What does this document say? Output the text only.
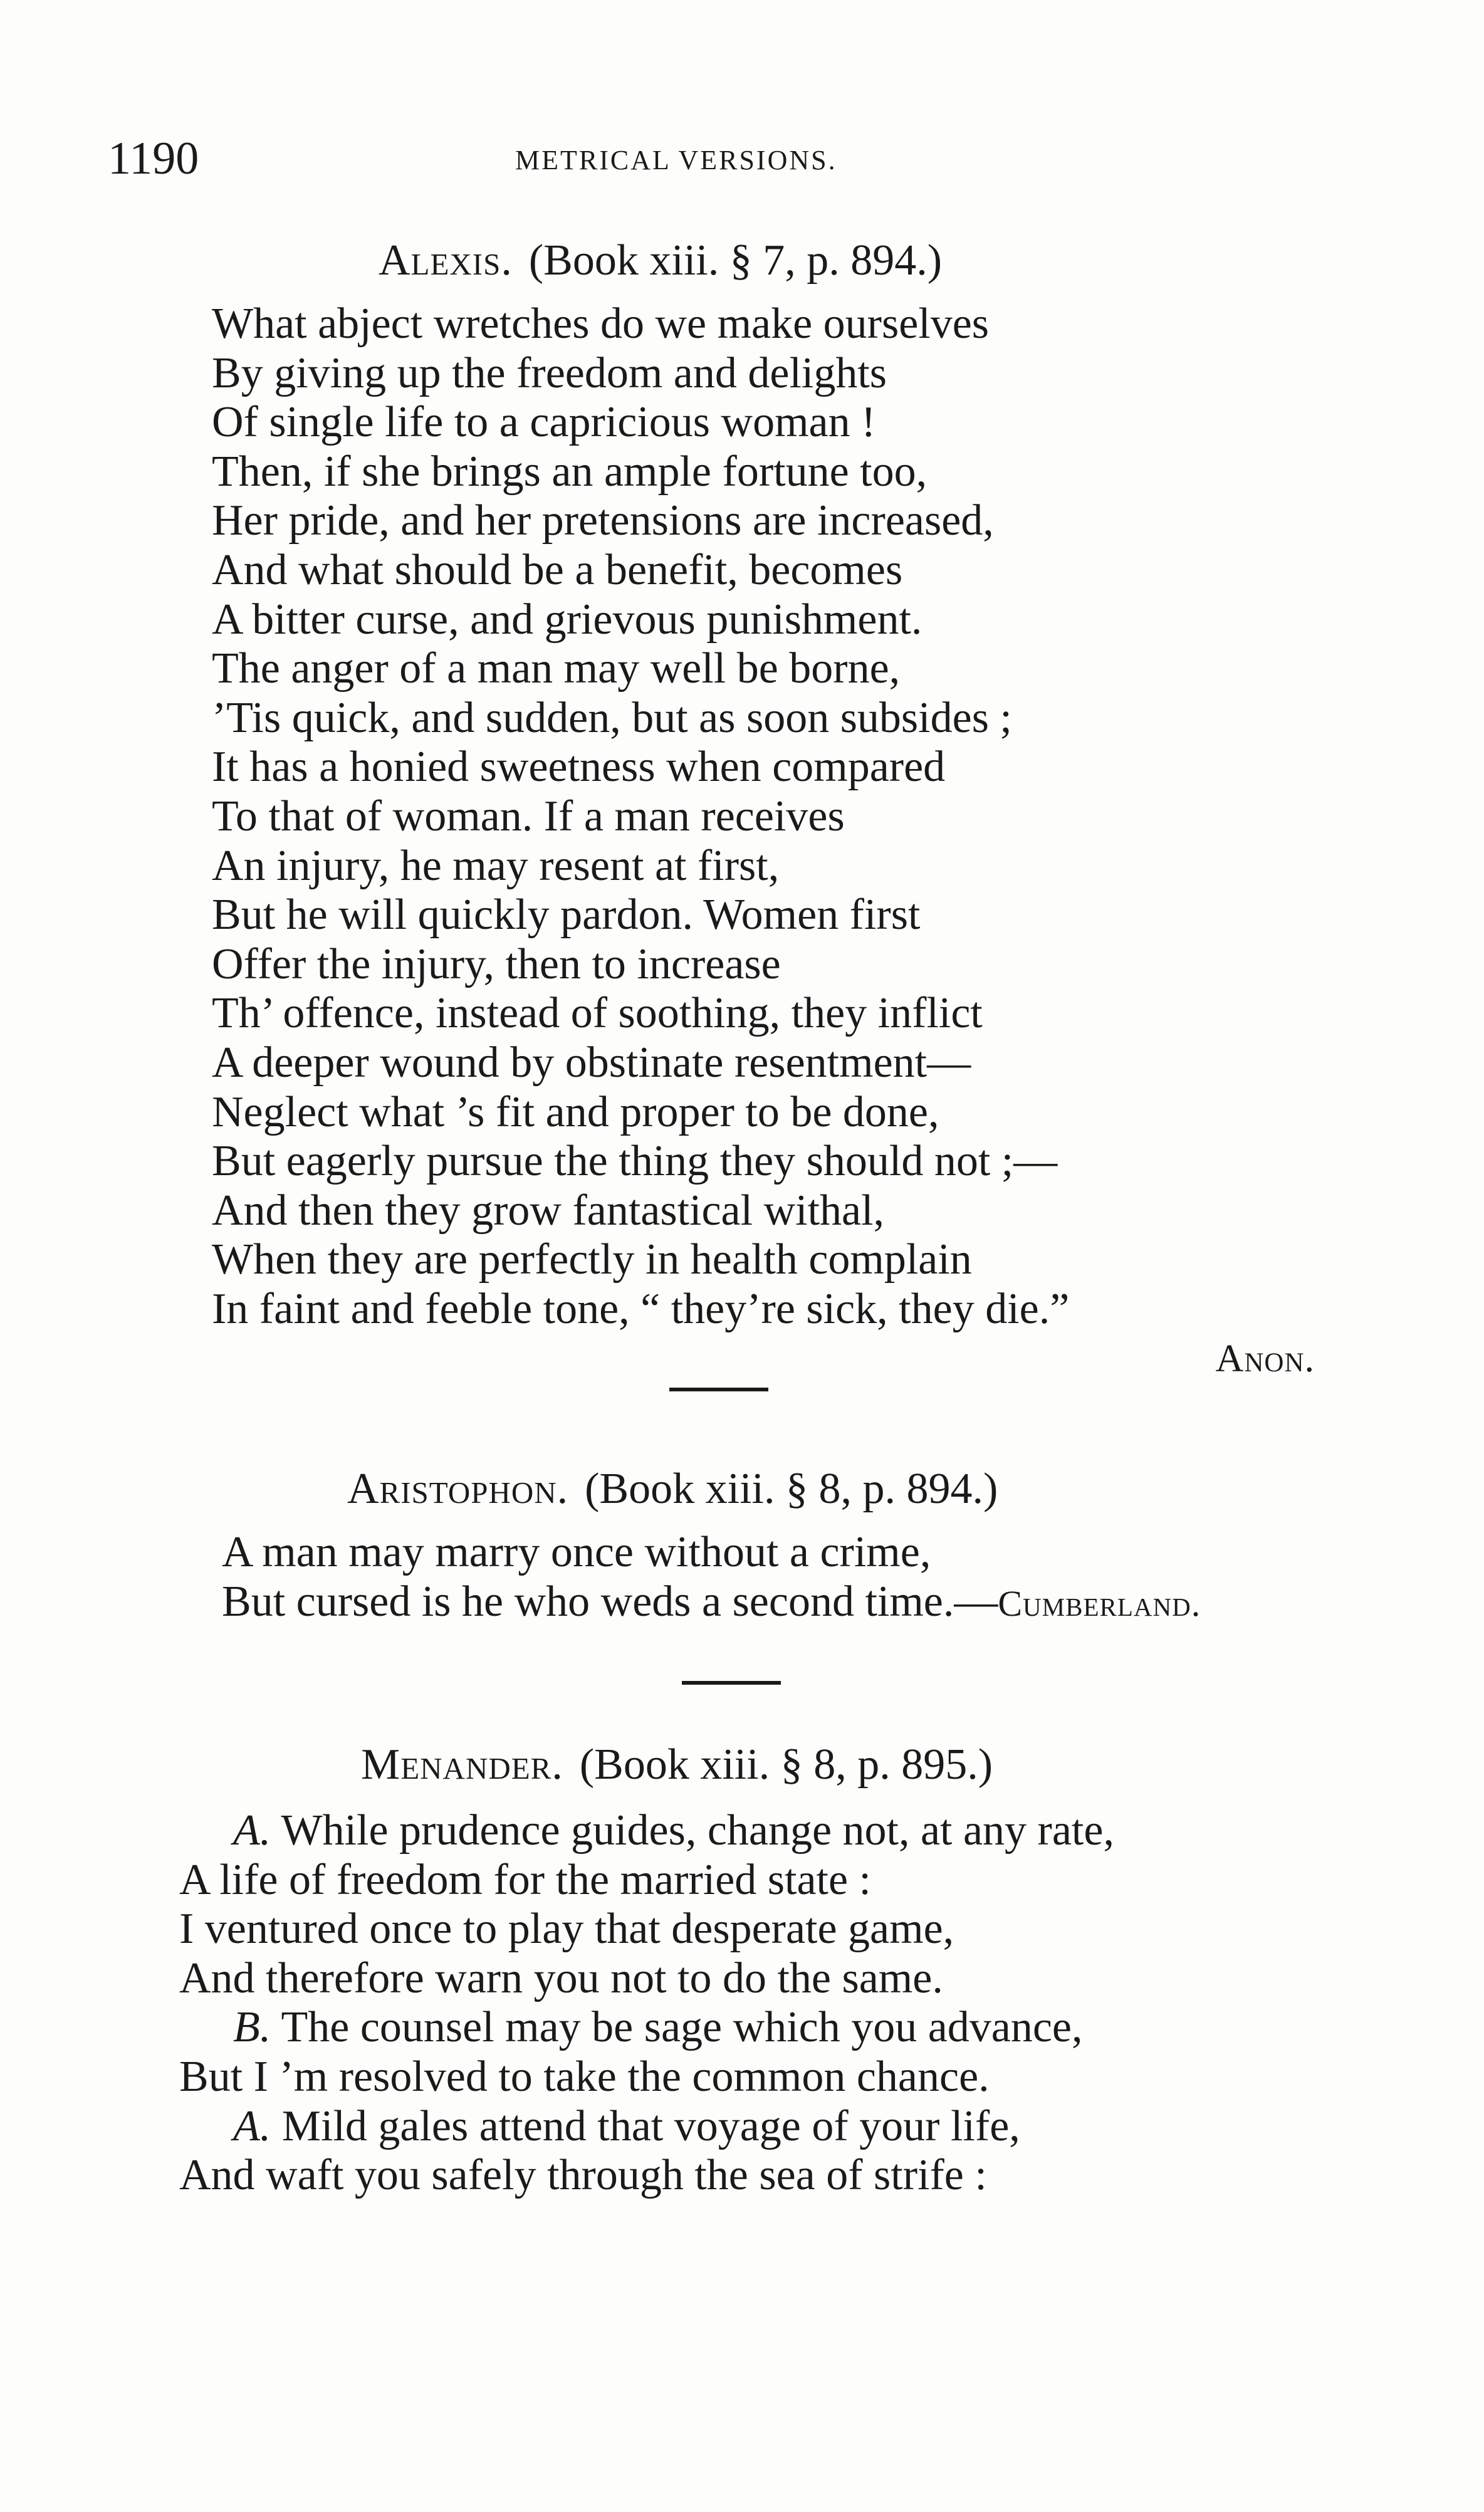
1190	METRICAL VERSIONS.
Alexis. (Book xiii. § 7, p. 894.)
What abject wretches do we make ourselves
By giving up the freedom and delights
Of single life to a capricious woman !
Then, if she brings an ample fortune too,
Her pride, and her pretensions are increased,
And what should be a benefit, becomes
A bitter curse, and grievous punishment.
The anger of a man may well be borne,
’Tis quick, and sudden, but as soon subsides ;
It has a honied sweetness when compared
To that of woman. If a man receives
An injury, he may resent at first,
But he will quickly pardon. Women first
Offer the injury, then to increase
Th’ offence, instead of soothing, they inflict
A deeper wound by obstinate resentment—
Neglect what ’s fit and proper to be done,
But eagerly pursue the thing they should not ;—
And then they grow fantastical withal,
When they are perfectly in health complain
In faint and feeble tone, “ they’re sick, they die.”
Anon.
Aristophon. (Book xiii. § 8, p. 894.)
A man may marry once without a crime,
But cursed is he who weds a second time.—Cumberland.
Menander. (Book xiii. § 8, p. 895.)
A. While prudence guides, change not, at any rate,
A life of freedom for the married state :
I ventured once to play that desperate game,
And therefore warn you not to do the same.
B. The counsel may be sage which you advance,
But I ’m resolved to take the common chance.
A. Mild gales attend that voyage of your life,
And waft you safely through the sea of strife :
